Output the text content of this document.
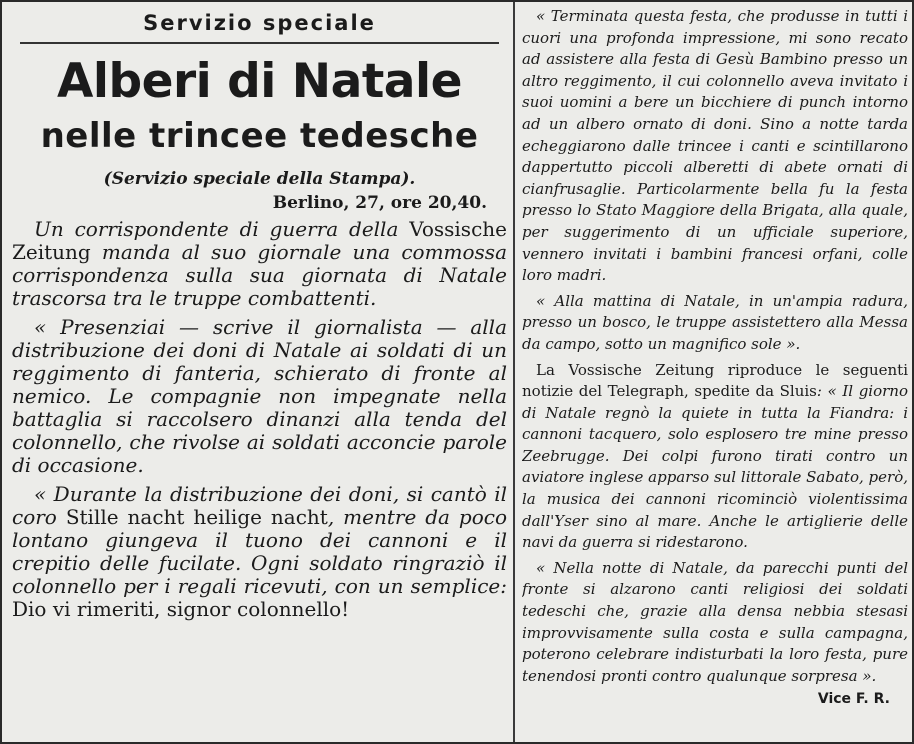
Servizio speciale
Alberi di Natale
nelle trincee tedesche
(Servizio speciale della Stampa).
Berlino, 27, ore 20,40.

Un corrispondente di guerra della Vossische Zeitung manda al suo giornale una commossa corrispondenza sulla sua giornata di Natale trascorsa tra le truppe combattenti.

« Presenziai — scrive il giornalista — alla distribuzione dei doni di Natale ai soldati di un reggimento di fanteria, schierato di fronte al nemico. Le compagnie non impegnate nella battaglia si raccolsero dinanzi alla tenda del colonnello, che rivolse ai soldati acconcie parole di occasione.

« Durante la distribuzione dei doni, si cantò il coro Stille nacht heilige nacht, mentre da poco lontano giungeva il tuono dei cannoni e il crepitio delle fucilate. Ogni soldato ringraziò il colonnello per i regali ricevuti, con un semplice: Dio vi rimeriti, signor colonnello!

« Terminata questa festa, che produsse in tutti i cuori una profonda impressione, mi sono recato ad assistere alla festa di Gesù Bambino presso un altro reggimento, il cui colonnello aveva invitato i suoi uomini a bere un bicchiere di punch intorno ad un albero ornato di doni. Sino a notte tarda echeggiarono dalle trincee i canti e scintillarono dappertutto piccoli alberetti di abete ornati di cianfrusaglie. Particolarmente bella fu la festa presso lo Stato Maggiore della Brigata, alla quale, per suggerimento di un ufficiale superiore, vennero invitati i bambini francesi orfani, colle loro madri.

« Alla mattina di Natale, in un'ampia radura, presso un bosco, le truppe assistettero alla Messa da campo, sotto un magnifico sole ».

La Vossische Zeitung riproduce le seguenti notizie del Telegraph, spedite da Sluis: « Il giorno di Natale regnò la quiete in tutta la Fiandra: i cannoni tacquero, solo esplosero tre mine presso Zeebrugge. Dei colpi furono tirati contro un aviatore inglese apparso sul littorale Sabato, però, la musica dei cannoni ricominciò violentissima dall'Yser sino al mare. Anche le artiglierie delle navi da guerra si ridestarono.

« Nella notte di Natale, da parecchi punti del fronte si alzarono canti religiosi dei soldati tedeschi che, grazie alla densa nebbia stesasi improvvisamente sulla costa e sulla campagna, poterono celebrare indisturbati la loro festa, pure tenendosi pronti contro qualunque sorpresa ».

Vice F. R.
